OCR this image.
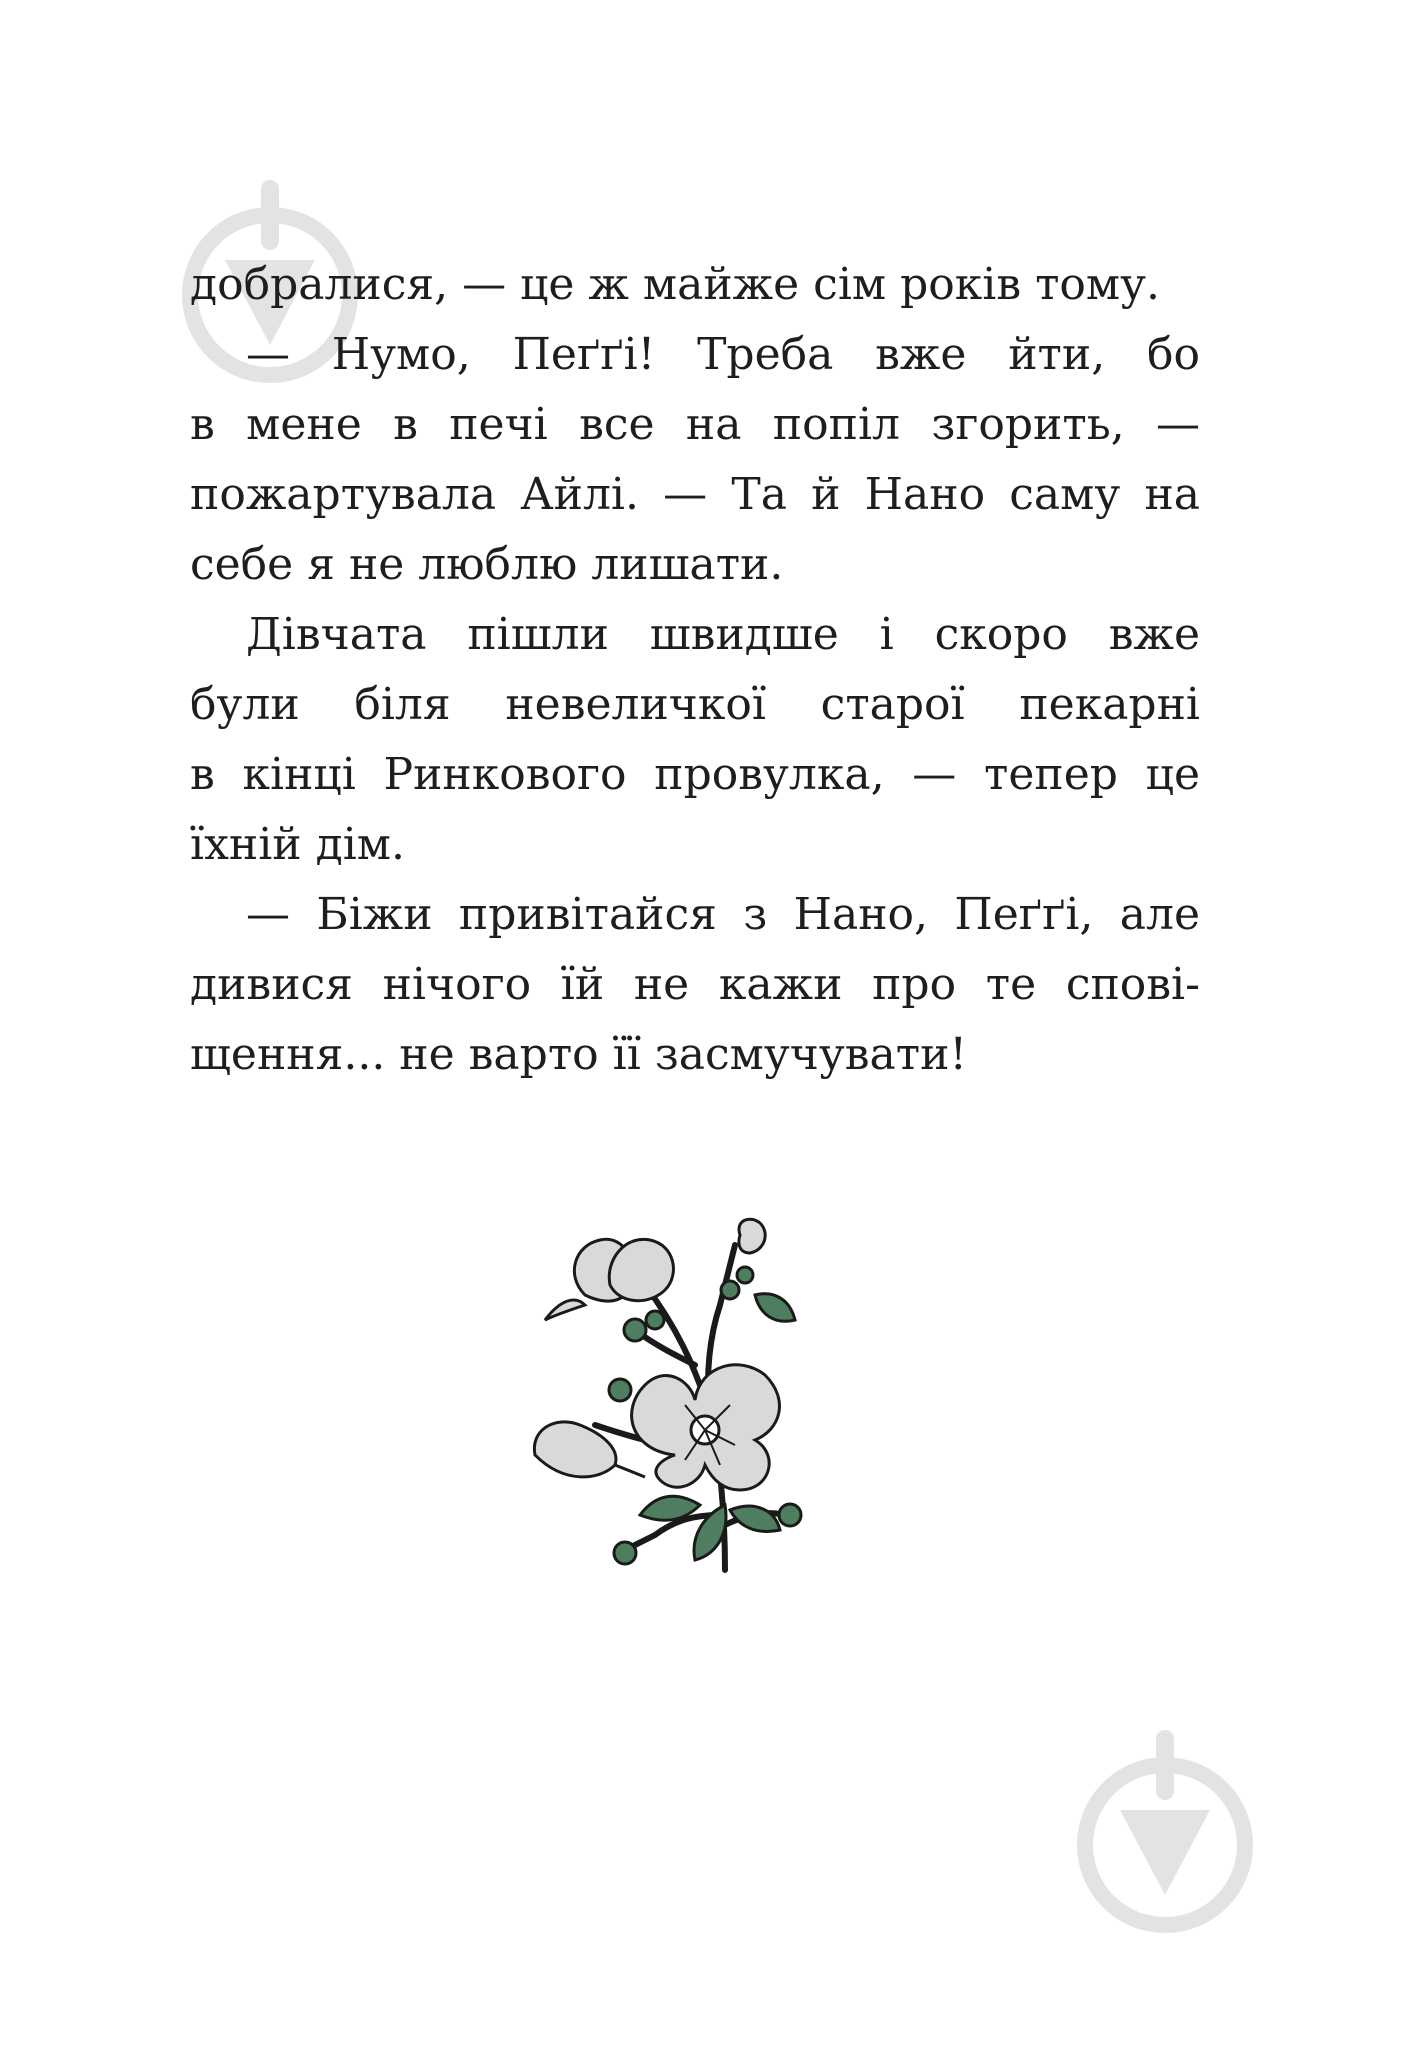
добралися, — це ж майже сім років тому.

— Нумо, Пеґґі! Треба вже йти, бо
в мене в печі все на попіл згорить, —
пожартувала Айлі. — Та й Нано саму на
себе я не люблю лишати.

Дівчата пішли швидше і скоро вже
були біля невеличкої старої пекарні
в кінці Ринкового провулка, — тепер це
їхній дім.

— Біжи привітайся з Нано, Пеґґі, але
дивися нічого їй не кажи про те сповi-
щення... не варто її засмучувати!
